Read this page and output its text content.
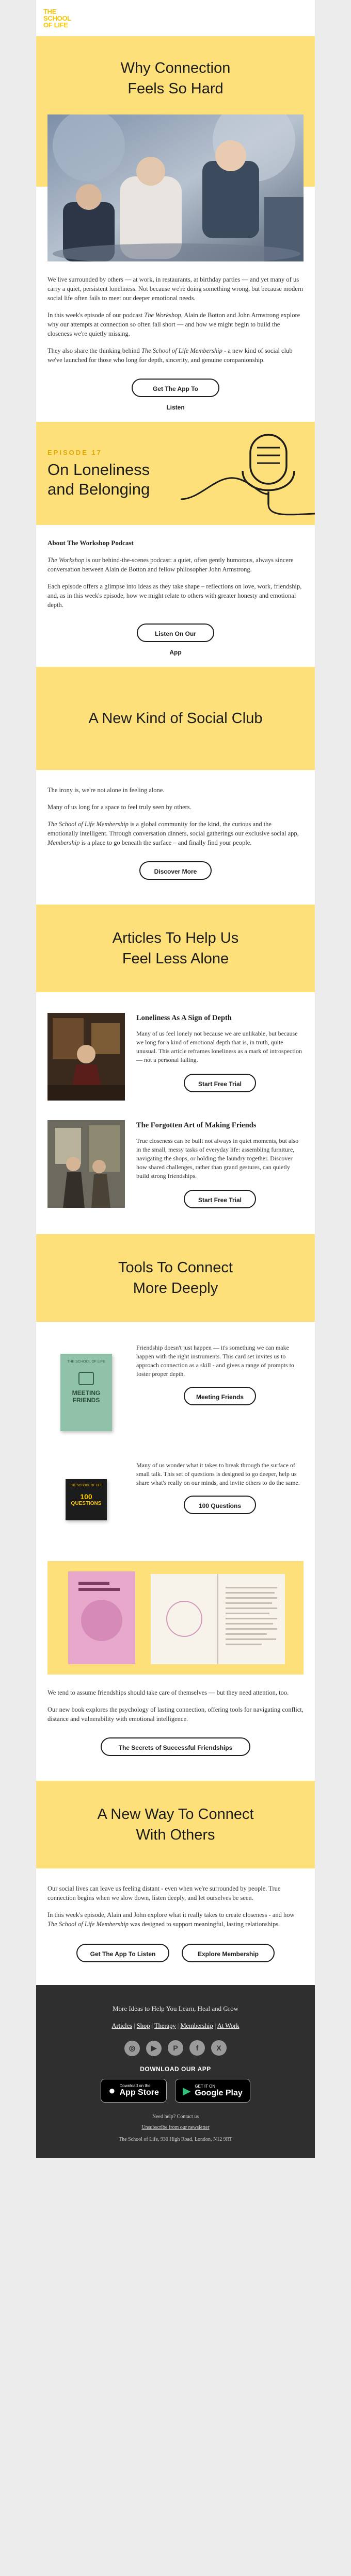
THE
SCHOOL
OF LIFE
Why Connection
Feels So Hard

We live surrounded by others — at work, in restaurants, at birthday parties — and yet many of us carry a quiet, persistent loneliness. Not because we're doing something wrong, but because modern social life often fails to meet our deeper emotional needs.

In this week's episode of our podcast The Workshop, Alain de Botton and John Armstrong explore why our attempts at connection so often fall short — and how we might begin to build the closeness we're quietly missing.

They also share the thinking behind The School of Life Membership - a new kind of social club we've launched for those who long for depth, sincerity, and genuine companionship.

Get The App To Listen
EPISODE 17
On Loneliness
and Belonging

About The Workshop Podcast

The Workshop is our behind-the-scenes podcast: a quiet, often gently humorous, always sincere conversation between Alain de Botton and fellow philosopher John Armstrong.

Each episode offers a glimpse into ideas as they take shape – reflections on love, work, friendship, and, as in this week's episode, how we might relate to others with greater honesty and emotional depth.

Listen On Our App
A New Kind of Social Club

The irony is, we're not alone in feeling alone.

Many of us long for a space to feel truly seen by others.

The School of Life Membership is a global community for the kind, the curious and the emotionally intelligent. Through conversation dinners, social gatherings our exclusive social app, Membership is a place to go beneath the surface – and finally find your people.

Discover More
Articles To Help Us
Feel Less Alone
Loneliness As A Sign of Depth
Many of us feel lonely not because we are unlikable, but because we long for a kind of emotional depth that is, in truth, quite unusual. This article reframes loneliness as a mark of introspection — not a personal failing.
Start Free Trial
The Forgotten Art of Making Friends
True closeness can be built not always in quiet moments, but also in the small, messy tasks of everyday life: assembling furniture, navigating the shops, or holding the laundry together. Discover how shared challenges, rather than grand gestures, can quietly build strong friendships.
Start Free Trial
Tools To Connect
More Deeply
THE SCHOOL OF LIFE
MEETING
FRIENDS
Friendship doesn't just happen — it's something we can make happen with the right instruments. This card set invites us to approach connection as a skill - and gives a range of prompts to foster proper depth.
Meeting Friends
THE SCHOOL OF LIFE
100
QUESTIONS
Many of us wonder what it takes to break through the surface of small talk. This set of questions is designed to go deeper, help us share what's really on our minds, and invite others to do the same.
100 Questions

We tend to assume friendships should take care of themselves — but they need attention, too.

Our new book explores the psychology of lasting connection, offering tools for navigating conflict, distance and vulnerability with emotional intelligence.

The Secrets of Successful Friendships
A New Way To Connect
With Others

Our social lives can leave us feeling distant - even when we're surrounded by people. True connection begins when we slow down, listen deeply, and let ourselves be seen.

In this week's episode, Alain and John explore what it really takes to create closeness - and how The School of Life Membership was designed to support meaningful, lasting relationships.

Get The App To Listen	Explore Membership
More Ideas to Help You Learn, Heal and Grow
Articles | Shop | Therapy | Membership | At Work
◎ ▶ P f	X
DOWNLOAD OUR APP
● Download on the
App Store
▶ GET IT ON
Google Play
Need help? Contact us
Unsubscribe from our newsletter
The School of Life, 930 High Road, London, N12 9RT
